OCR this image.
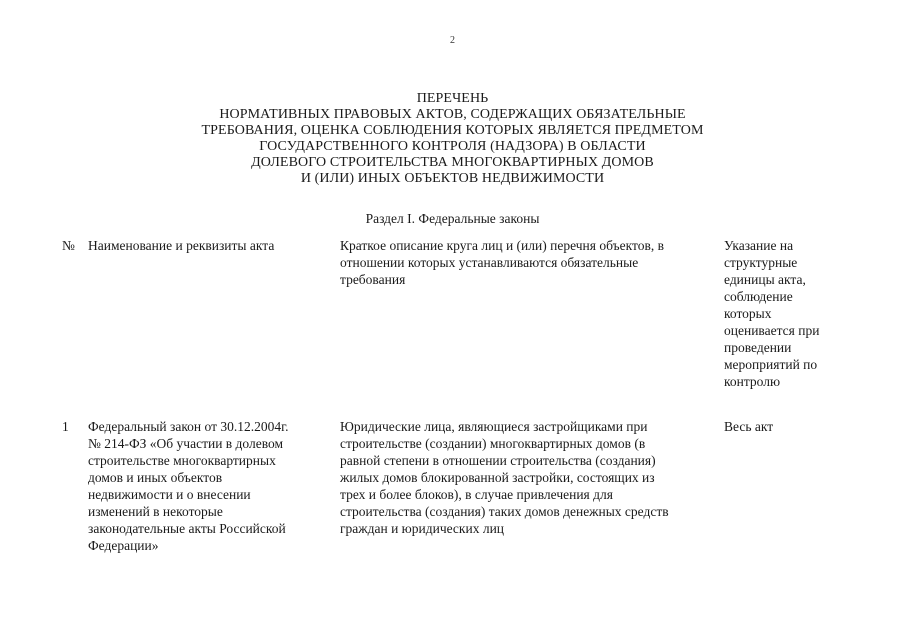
2
ПЕРЕЧЕНЬ
НОРМАТИВНЫХ ПРАВОВЫХ АКТОВ, СОДЕРЖАЩИХ ОБЯЗАТЕЛЬНЫЕ
ТРЕБОВАНИЯ, ОЦЕНКА СОБЛЮДЕНИЯ КОТОРЫХ ЯВЛЯЕТСЯ ПРЕДМЕТОМ
ГОСУДАРСТВЕННОГО КОНТРОЛЯ (НАДЗОРА) В ОБЛАСТИ
ДОЛЕВОГО СТРОИТЕЛЬСТВА МНОГОКВАРТИРНЫХ ДОМОВ
И (ИЛИ) ИНЫХ ОБЪЕКТОВ НЕДВИЖИМОСТИ
Раздел I. Федеральные законы
№ Наименование и реквизиты акта	Краткое описание круга лиц и (или) перечня объектов, в
отношении которых устанавливаются обязательные
требования
Указание на
структурные
единицы акта,
соблюдение
которых
оценивается при
проведении
мероприятий по
контролю
1	Федеральный закон от 30.12.2004г.
№ 214-ФЗ «Об участии в долевом
строительстве многоквартирных
домов и иных объектов
недвижимости и о внесении
изменений в некоторые
законодательные акты Российской
Федерации»
Юридические лица, являющиеся застройщиками при
строительстве (создании) многоквартирных домов (в
равной степени в отношении строительства (создания)
жилых домов блокированной застройки, состоящих из
трех и более блоков), в случае привлечения для
строительства (создания) таких домов денежных средств
граждан и юридических лиц
Весь акт
